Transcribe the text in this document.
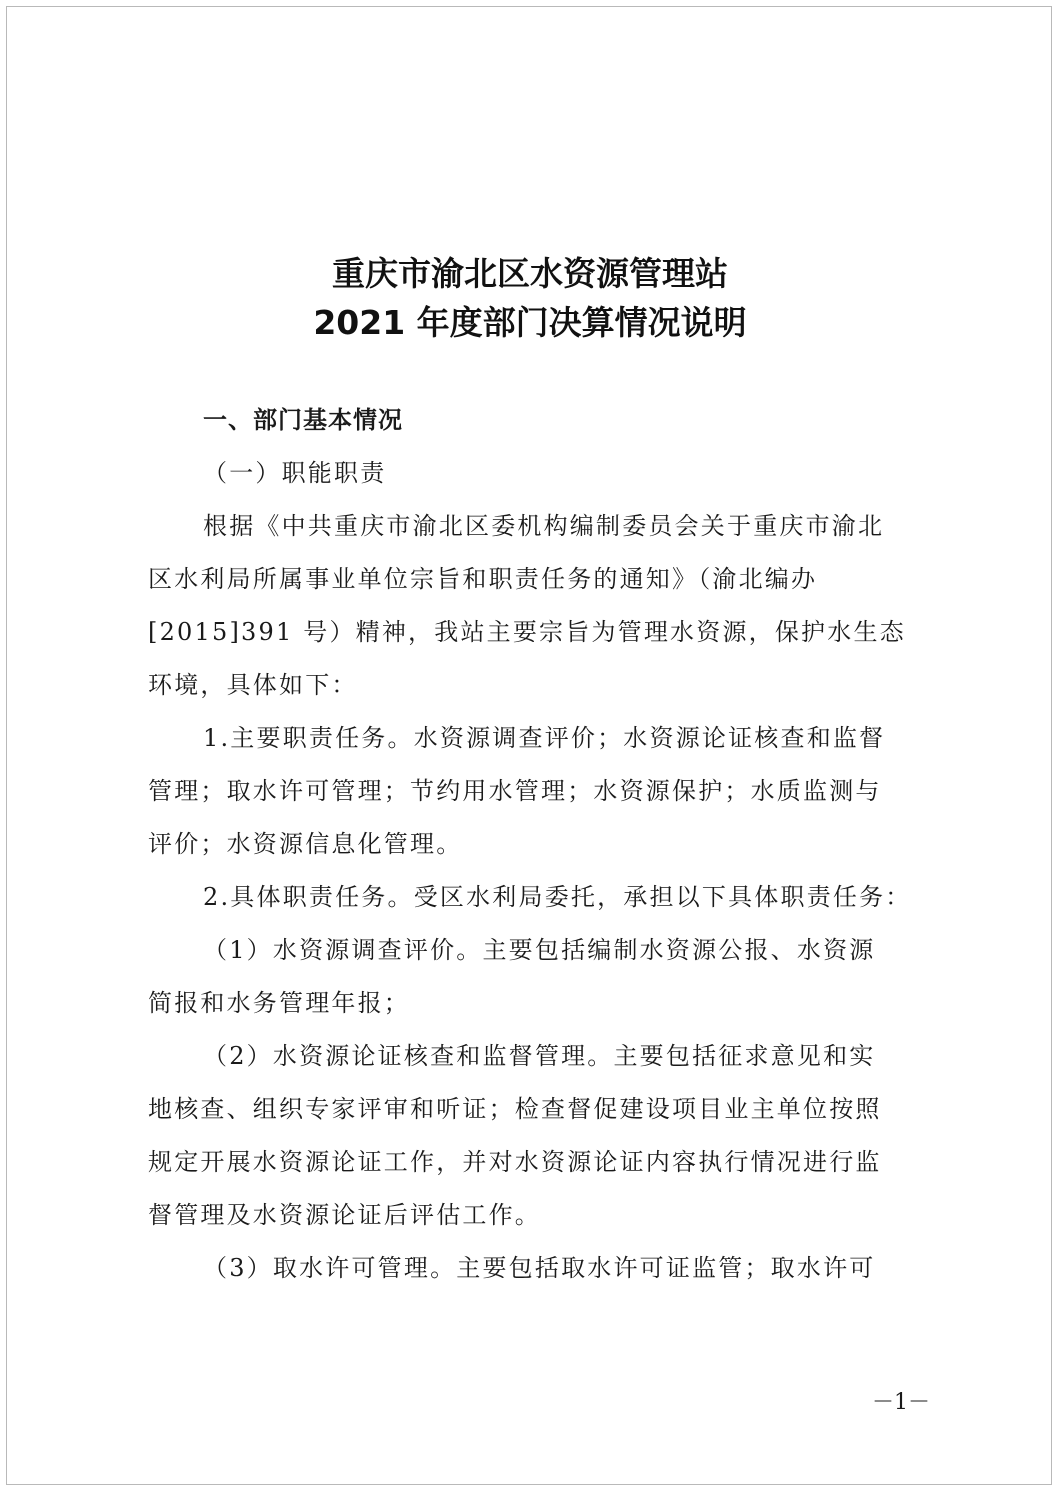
重庆市渝北区水资源管理站
2021 年度部门决算情况说明
一、部门基本情况
（一）职能职责
根据《中共重庆市渝北区委机构编制委员会关于重庆市渝北
区水利局所属事业单位宗旨和职责任务的通知》（渝北编办
[2015]391 号）精神，我站主要宗旨为管理水资源，保护水生态
环境，具体如下：
1.主要职责任务。水资源调查评价；水资源论证核查和监督
管理；取水许可管理；节约用水管理；水资源保护；水质监测与
评价；水资源信息化管理。
2.具体职责任务。受区水利局委托，承担以下具体职责任务：
（1）水资源调查评价。主要包括编制水资源公报、水资源
简报和水务管理年报；
（2）水资源论证核查和监督管理。主要包括征求意见和实
地核查、组织专家评审和听证；检查督促建设项目业主单位按照
规定开展水资源论证工作，并对水资源论证内容执行情况进行监
督管理及水资源论证后评估工作。
（3）取水许可管理。主要包括取水许可证监管；取水许可
－1－
